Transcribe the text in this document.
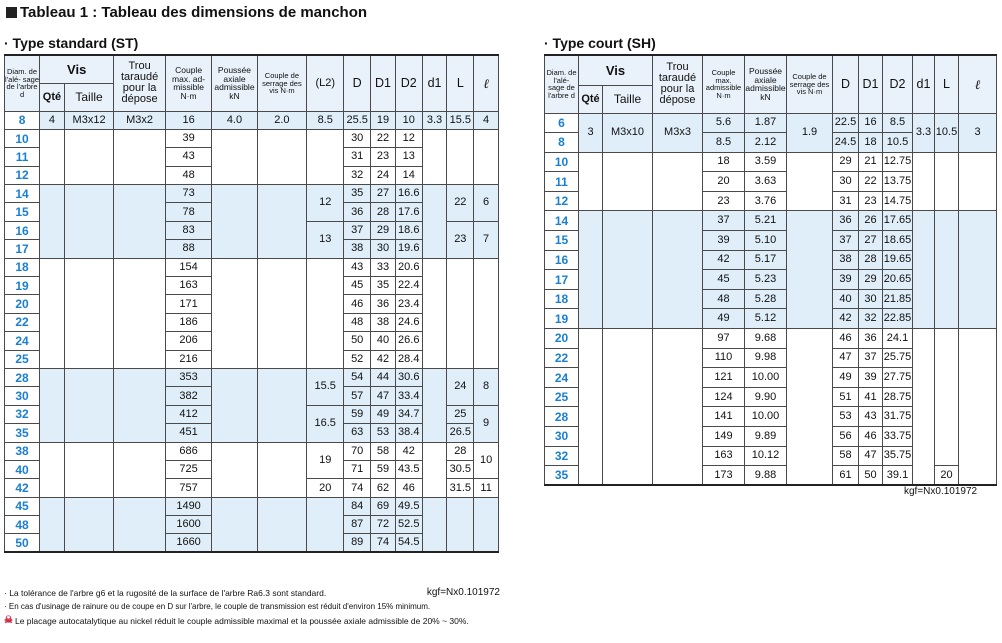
Tableau 1 : Tableau des dimensions de manchon
· Type standard (ST)	· Type court (SH)
Diam. de l'alé- sage de l'arbre d	Vis		Trou taraudé pour la dépose	Couple max. ad- missible N·m	Poussée axiale admissible kN	Couple de serrage des vis N·m	(L2)	D	D1	D2	d1	L	ℓ
	Qté	Taille											
8	4	M3x12	M3x2	16	4.0	2.0	8.5	25.5	19	10	3.3	15.5	4
10				39				30	22	12			
11				43				31	23	13			
12				48				32	24	14			
14				73			12	35	27	16.6		22	6
15				78				36	28	17.6			
16				83			13	37	29	18.6		23	7
17				88				38	30	19.6			
18				154				43	33	20.6			
19				163				45	35	22.4			
20				171				46	36	23.4			
22				186				48	38	24.6			
24				206				50	40	26.6			
25				216				52	42	28.4			
28				353			15.5	54	44	30.6		24	8
30				382				57	47	33.4			
32				412			16.5	59	49	34.7		25	9
35				451				63	53	38.4		26.5	
38				686			19	70	58	42		28	10
40				725				71	59	43.5		30.5	
42				757			20	74	62	46		31.5	11
45				1490				84	69	49.5			
48				1600				87	72	52.5			
50				1660				89	74	54.5			
Diam. de l'alé- sage de l'arbre d	Vis		Trou taraudé pour la dépose	Couple max. admissible N·m	Poussée axiale admissible kN	Couple de serrage des vis N·m	D	D1	D2	d1	L	ℓ
	Qté	Taille										
6	3	M3x10	M3x3	5.6	1.87	1.9	22.5	16	8.5	3.3	10.5	3
8				8.5	2.12		24.5	18	10.5			
10				18	3.59		29	21	12.75			
11				20	3.63		30	22	13.75			
12				23	3.76		31	23	14.75			
14				37	5.21		36	26	17.65			
15				39	5.10		37	27	18.65			
16				42	5.17		38	28	19.65			
17				45	5.23		39	29	20.65			
18				48	5.28		40	30	21.85			
19				49	5.12		42	32	22.85			
20				97	9.68		46	36	24.1			
22				110	9.98		47	37	25.75			
24				121	10.00		49	39	27.75			
25				124	9.90		51	41	28.75			
28				141	10.00		53	43	31.75			
30				149	9.89		56	46	33.75			
32				163	10.12		58	47	35.75			
35				173	9.88		61	50	39.1		20	
kgf=Nx0.101972
· La tolérance de l'arbre g6 et la rugosité de la surface de l'arbre Ra6.3 sont standard.	kgf=Nx0.101972
· En cas d'usinage de rainure ou de coupe en D sur l'arbre, le couple de transmission est réduit d'environ 15% minimum.
☠ Le placage autocatalytique au nickel réduit le couple admissible maximal et la poussée axiale admissible de 20% ~ 30%.
